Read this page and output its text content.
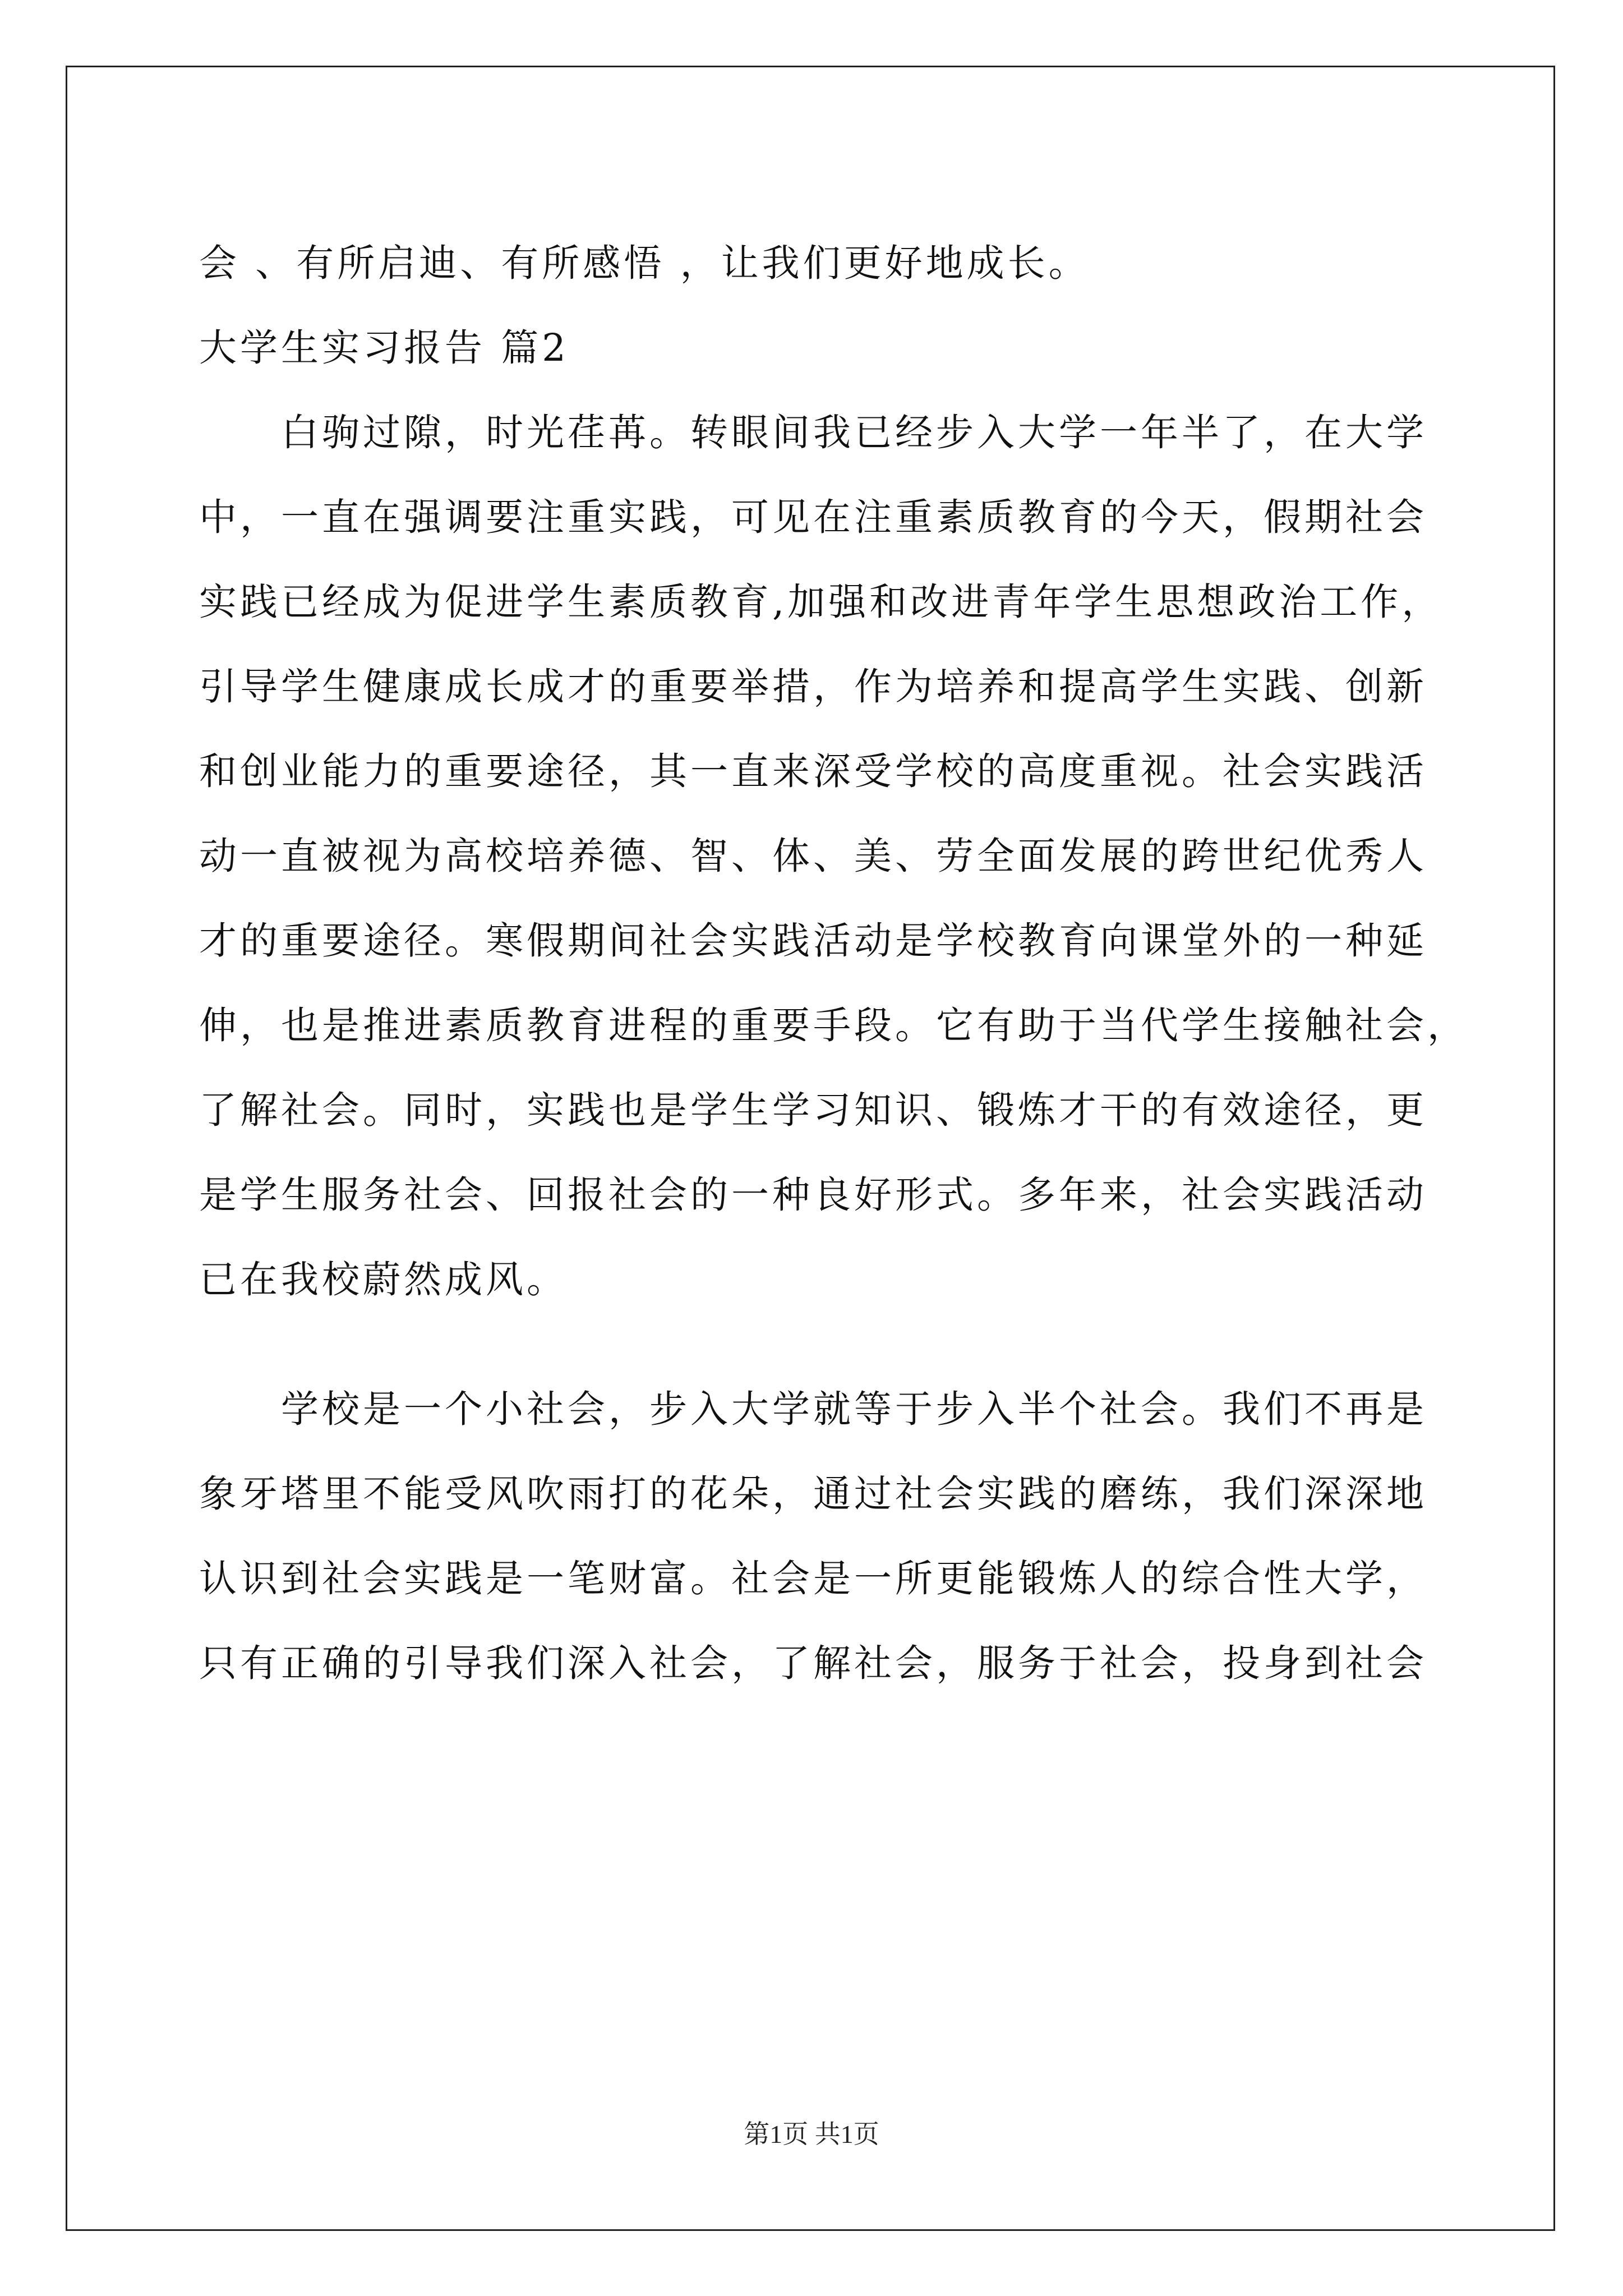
会 、有所启迪、有所感悟 ，让我们更好地成长。
大学生实习报告 篇2
白驹过隙，时光荏苒。转眼间我已经步入大学一年半了，在大学
中，一直在强调要注重实践，可见在注重素质教育的今天，假期社会
实践已经成为促进学生素质教育,加强和改进青年学生思想政治工作，
引导学生健康成长成才的重要举措，作为培养和提高学生实践、创新
和创业能力的重要途径，其一直来深受学校的高度重视。社会实践活
动一直被视为高校培养德、智、体、美、劳全面发展的跨世纪优秀人
才的重要途径。寒假期间社会实践活动是学校教育向课堂外的一种延
伸，也是推进素质教育进程的重要手段。它有助于当代学生接触社会，
了解社会。同时，实践也是学生学习知识、锻炼才干的有效途径，更
是学生服务社会、回报社会的一种良好形式。多年来，社会实践活动
已在我校蔚然成风。
学校是一个小社会，步入大学就等于步入半个社会。我们不再是
象牙塔里不能受风吹雨打的花朵，通过社会实践的磨练，我们深深地
认识到社会实践是一笔财富。社会是一所更能锻炼人的综合性大学，
只有正确的引导我们深入社会，了解社会，服务于社会，投身到社会
第1页 共1页
